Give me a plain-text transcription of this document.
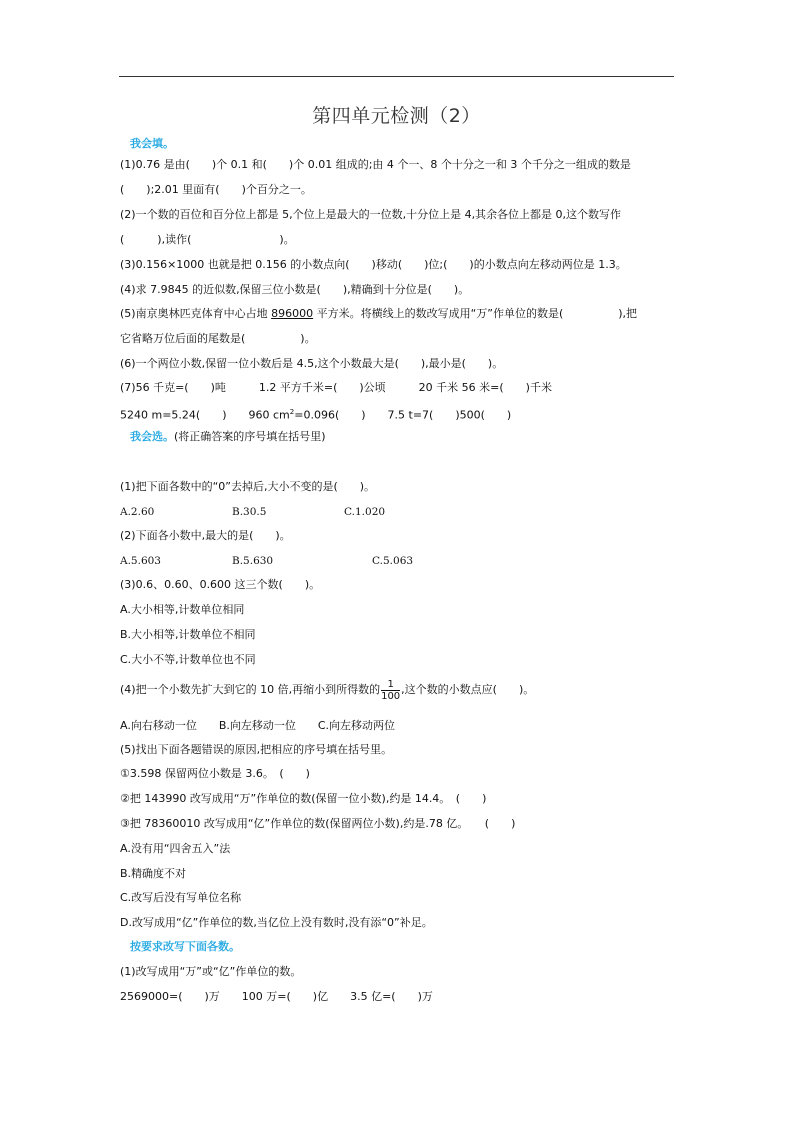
第四单元检测（2）
我会填。
(1)0.76 是由(　　)个 0.1 和(　　)个 0.01 组成的;由 4 个一、8 个十分之一和 3 个千分之一组成的数是
(　　);2.01 里面有(　　)个百分之一。
(2)一个数的百位和百分位上都是 5,个位上是最大的一位数,十分位上是 4,其余各位上都是 0,这个数写作
(　　　),读作(　　　　　　　　)。
(3)0.156×1000 也就是把 0.156 的小数点向(　　)移动(　　)位;(　　)的小数点向左移动两位是 1.3。
(4)求 7.9845 的近似数,保留三位小数是(　　),精确到十分位是(　　)。
(5)南京奥林匹克体育中心占地 896000 平方米。将横线上的数改写成用“万”作单位的数是(　　　　　),把
它省略万位后面的尾数是(　　　　　)。
(6)一个两位小数,保留一位小数后是 4.5,这个小数最大是(　　),最小是(　　)。
(7)56 千克=(　　)吨　　　1.2 平方千米=(　　)公顷　　　20 千米 56 米=(　　)千米
5240 m=5.24(　　)　　960 $cm^2=0.096$(　　)　　7.5 t=7(　　)500(　　)
我会选。(将正确答案的序号填在括号里)
(1)把下面各数中的“0”去掉后,大小不变的是(　　)。
A.2.60	B.30.5	C.1.020
(2)下面各小数中,最大的是(　　)。
A.5.603	B.5.630	C.5.063
(3)0.6、0.60、0.600 这三个数(　　)。
A.大小相等,计数单位相同
B.大小相等,计数单位不相同
C.大小不等,计数单位也不同
(4)把一个小数先扩大到它的 10 倍,再缩小到所得数的 $\frac{1}{100}$ ,这个数的小数点应(　　)。
A.向右移动一位　　B.向左移动一位　　C.向左移动两位
(5)找出下面各题错误的原因,把相应的序号填在括号里。
①3.598 保留两位小数是 3.6。　(　　)
②把 143990 改写成用“万”作单位的数(保留一位小数),约是 14.4。　(　　)
③把 78360010 改写成用“亿”作单位的数(保留两位小数),约是.78 亿。　　(　　)
A.没有用“四舍五入”法
B.精确度不对
C.改写后没有写单位名称
D.改写成用“亿”作单位的数,当亿位上没有数时,没有添“0”补足。
按要求改写下面各数。
(1)改写成用“万”或“亿”作单位的数。
2569000=(　　)万　　100 万=(　　)亿　　3.5 亿=(　　)万
